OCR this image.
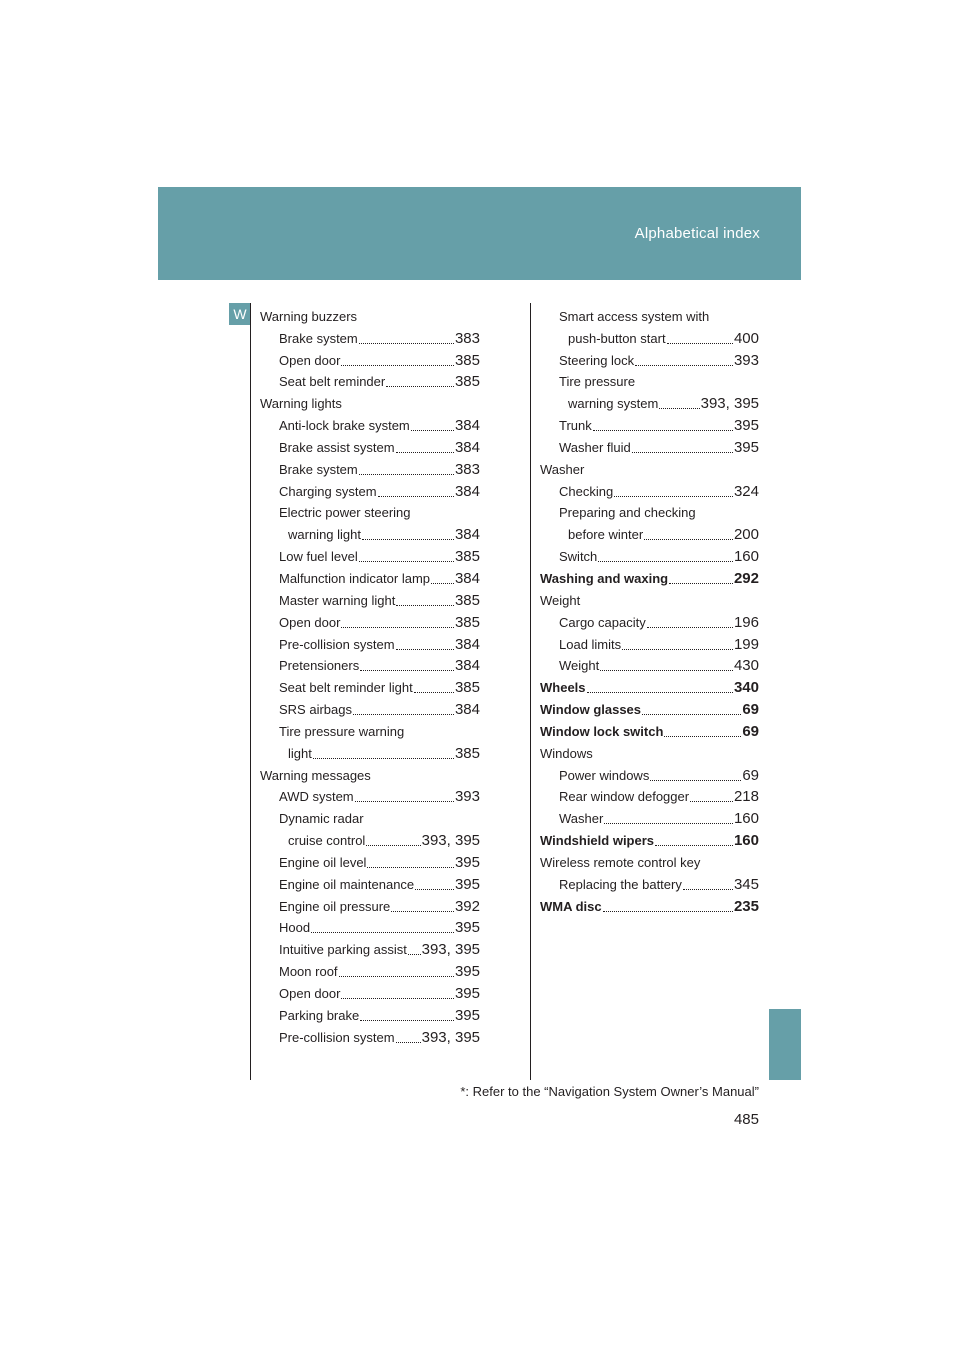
Alphabetical index
W	Warning buzzers
Brake system	383
Open door	385
Seat belt reminder	385
Warning lights
Anti-lock brake system	384
Brake assist system	384
Brake system	383
Charging system	384
Electric power steering
warning light	384
Low fuel level	385
Malfunction indicator lamp 384
Master warning light	385
Open door	385
Pre-collision system	384
Pretensioners	384
Seat belt reminder light	385
SRS airbags	384
Tire pressure warning
light	385
Warning messages
AWD system	393
Dynamic radar
cruise control	393, 395
Engine oil level	395
Engine oil maintenance	395
Engine oil pressure	392
Hood	395
Intuitive parking assist 393, 395
Moon roof	395
Open door	395
Parking brake	395
Pre-collision system 393, 395
Smart access system with
push-button start	400
Steering lock	393
Tire pressure
warning system	393, 395
Trunk	395
Washer fluid	395
Washer
Checking	324
Preparing and checking
before winter	200
Switch	160
Washing and waxing	292
Weight
Cargo capacity	196
Load limits	199
Weight	430
Wheels	340
Window glasses	69
Window lock switch	69
Windows
Power windows	69
Rear window defogger	218
Washer	160
Windshield wipers	160
Wireless remote control key
Replacing the battery	345
WMA disc	235
*: Refer to the “Navigation System Owner’s Manual”
485
